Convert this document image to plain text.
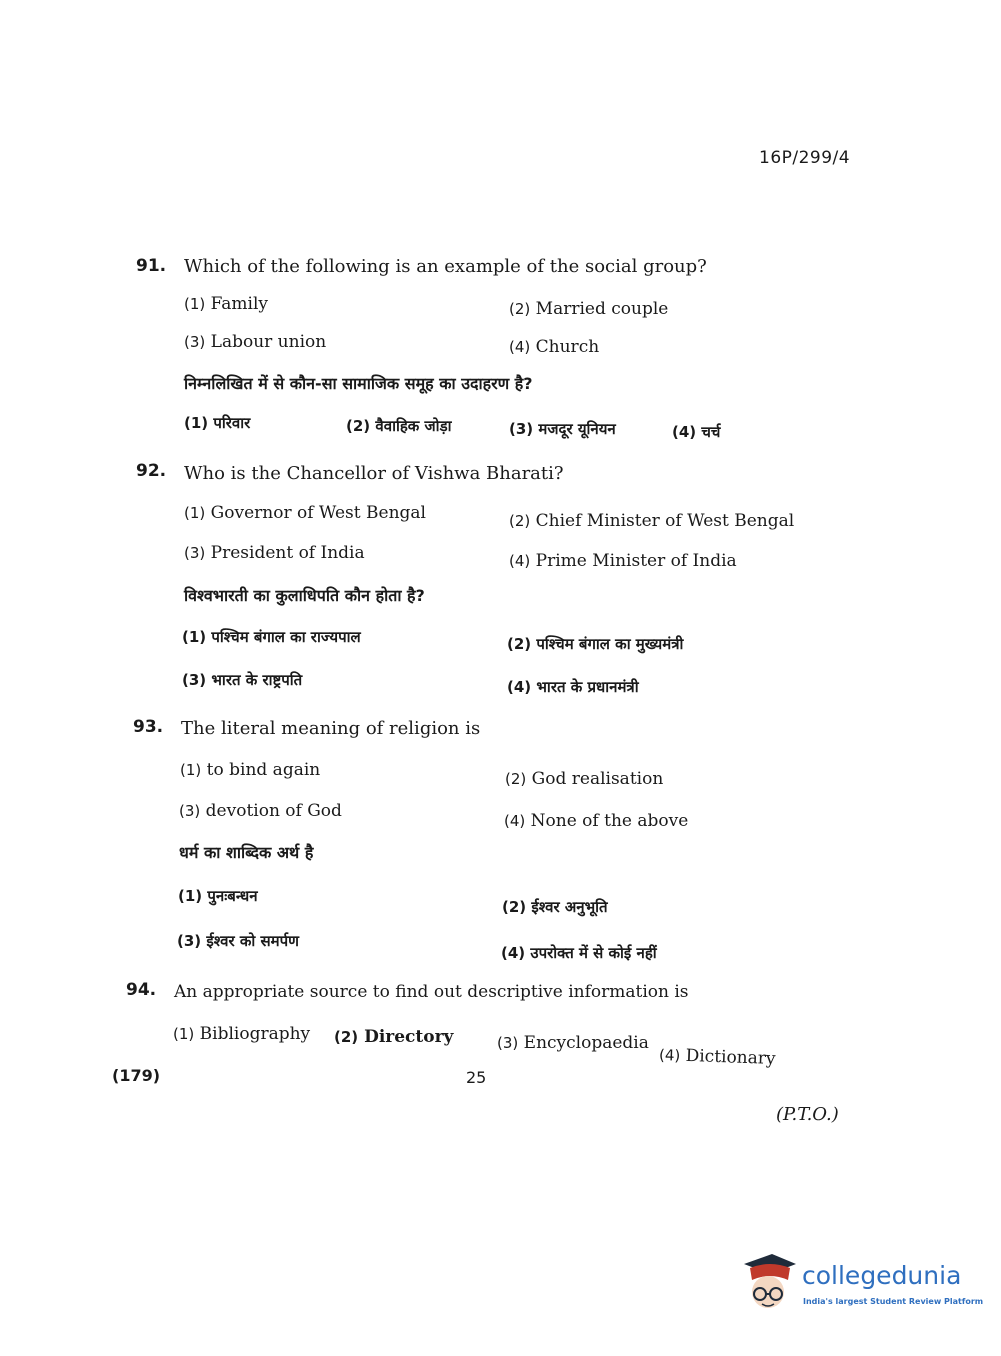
16P/299/4
91. Which of the following is an example of the social group?
(1) Family	(2) Married couple
(3) Labour union	(4) Church
निम्नलिखित में से कौन-सा सामाजिक समूह का उदाहरण है?
(1) परिवार	(2) वैवाहिक जोड़ा	(3) मजदूर यूनियन	(4) चर्च
92. Who is the Chancellor of Vishwa Bharati?
(1) Governor of West Bengal	(2) Chief Minister of West Bengal
(3) President of India	(4) Prime Minister of India
विश्वभारती का कुलाधिपति कौन होता है?
(1) पश्चिम बंगाल का राज्यपाल	(2) पश्चिम बंगाल का मुख्यमंत्री
(3) भारत के राष्ट्रपति	(4) भारत के प्रधानमंत्री
93. The literal meaning of religion is
(1) to bind again	(2) God realisation
(3) devotion of God	(4) None of the above
धर्म का शाब्दिक अर्थ है
(1) पुनःबन्धन
(2) ईश्वर अनुभूति
(3) ईश्वर को समर्पण
(4) उपरोक्त में से कोई नहीं
94. An appropriate source to find out descriptive information is
(1) Bibliography (2) Directory	(3) Encyclopaedia
(4) Dictionary
(179)	25
(P.T.O.)
collegedunia
India's largest Student Review Platform
